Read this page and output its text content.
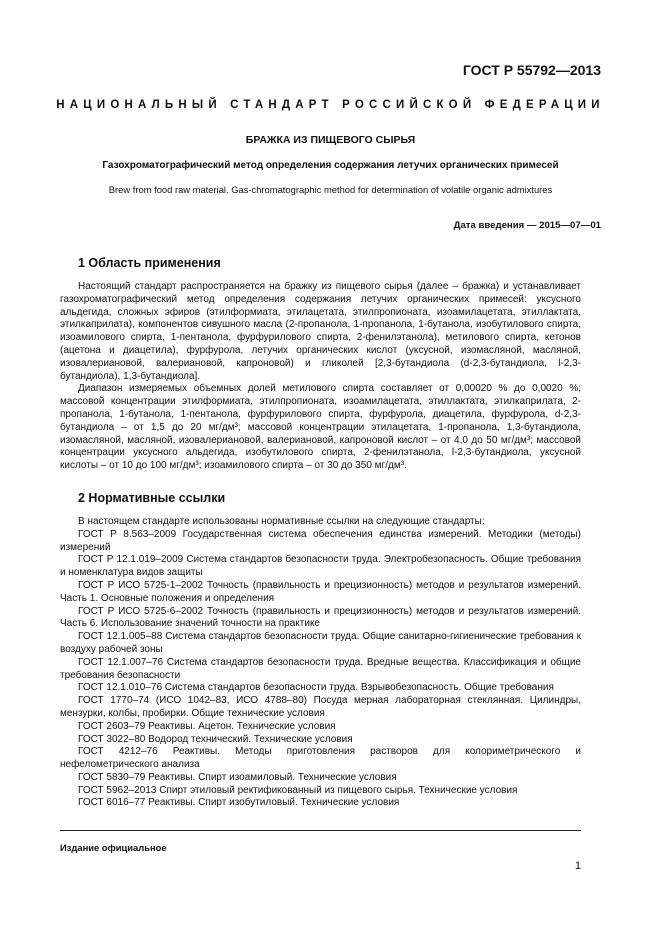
ГОСТ Р 55792—2013
НАЦИОНАЛЬНЫЙ СТАНДАРТ РОССИЙСКОЙ ФЕДЕРАЦИИ
БРАЖКА ИЗ ПИЩЕВОГО СЫРЬЯ
Газохроматографический метод определения содержания летучих органических примесей
Brew from food raw material. Gas-chromatographic method for determination of volatile organic admixtures
Дата введения — 2015—07—01
1 Область применения

Настоящий стандарт распространяется на бражку из пищевого сырья (далее – бражка) и устанавливает газохроматографический метод определения содержания летучих органических примесей: уксусного альдегида, сложных эфиров (этилформиата, этилацетата, этилпропионата, изоамилацетата, этиллактата, этилкаприлата), компонентов сивушного масла (2-пропанола, 1-пропанола, 1-бутанола, изобутилового спирта, изоамилового спирта, 1-пентанола, фурфурилового спирта, 2-фенилэтанола), метилового спирта, кетонов (ацетона и диацетила), фурфурола, летучих органических кислот (уксусной, изомасляной, масляной, изовалериановой, валериановой, капроновой) и гликолей [2,3-бутандиола (d-2,3-бутандиола, l-2,3-бутандиола), 1,3-бутандиола].

Диапазон измеряемых объемных долей метилового спирта составляет от 0,00020 % до 0,0020 %; массовой концентрации этилформиата, этилпропионата, изоамилацетата, этиллактата, этилкаприлата, 2-пропанола, 1-бутанола, 1-пентанола, фурфурилового спирта, фурфурола, диацетила, фурфурола, d-2,3-бутандиола – от 1,5 до 20 мг/дм³; массовой концентрации этилацетата, 1-пропанола, 1,3-бутандиола, изомасляной, масляной, изовалериановой, валериановой, капроновой кислот – от 4,0 до 50 мг/дм³; массовой концентрации уксусного альдегида, изобутилового спирта, 2-фенилэтанола, l-2,3-бутандиола, уксусной кислоты – от 10 до 100 мг/дм³; изоамилового спирта – от 30 до 350 мг/дм³.

2 Нормативные ссылки

В настоящем стандарте использованы нормативные ссылки на следующие стандарты:

ГОСТ Р 8.563–2009 Государственная система обеспечения единства измерений. Методики (методы) измерений

ГОСТ Р 12.1.019–2009 Система стандартов безопасности труда. Электробезопасность. Общие требования и номенклатура видов защиты

ГОСТ Р ИСО 5725-1–2002 Точность (правильность и прецизионность) методов и результатов измерений. Часть 1. Основные положения и определения

ГОСТ Р ИСО 5725-6–2002 Точность (правильность и прецизионность) методов и результатов измерений. Часть 6. Использование значений точности на практике

ГОСТ 12.1.005–88 Система стандартов безопасности труда. Общие санитарно-гигиенические требования к воздуху рабочей зоны

ГОСТ 12.1.007–76 Система стандартов безопасности труда. Вредные вещества. Классификация и общие требования безопасности

ГОСТ 12.1.010–76 Система стандартов безопасности труда. Взрывобезопасность. Общие требования

ГОСТ 1770–74 (ИСО 1042–83, ИСО 4788–80) Посуда мерная лабораторная стеклянная. Цилиндры, мензурки, колбы, пробирки. Общие технические условия

ГОСТ 2603–79 Реактивы. Ацетон. Технические условия

ГОСТ 3022–80 Водород технический. Технические условия

ГОСТ 4212–76 Реактивы. Методы приготовления растворов для колориметрического и нефелометрического анализа

ГОСТ 5830–79 Реактивы. Спирт изоамиловый. Технические условия

ГОСТ 5962–2013 Спирт этиловый ректификованный из пищевого сырья. Технические условия

ГОСТ 6016–77 Реактивы. Спирт изобутиловый. Технические условия

Издание официальное
1
